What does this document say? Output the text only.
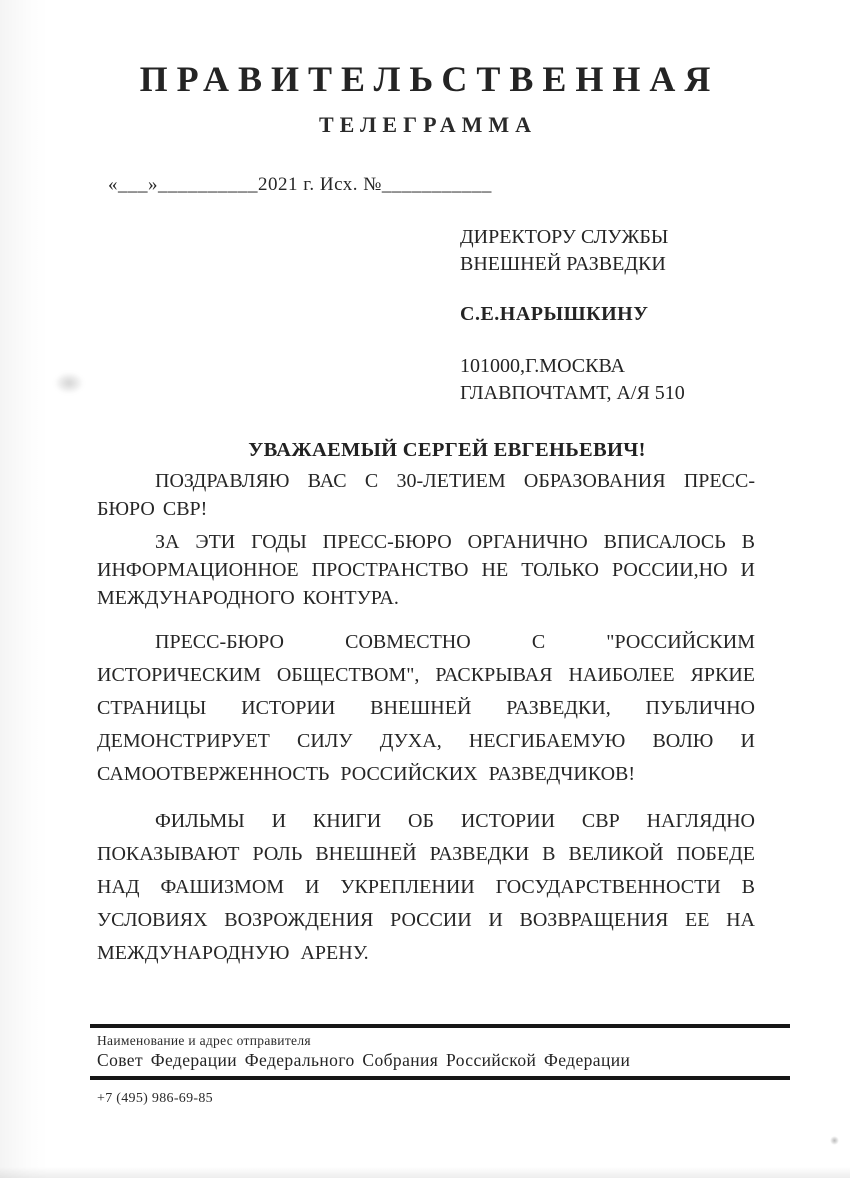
ПРАВИТЕЛЬСТВЕННАЯ
ТЕЛЕГРАММА
«___»__________2021 г. Исх. №___________
ДИРЕКТОРУ СЛУЖБЫ
ВНЕШНЕЙ РАЗВЕДКИ
С.Е.НАРЫШКИНУ
101000,Г.МОСКВА
ГЛАВПОЧТАМТ, А/Я 510
УВАЖАЕМЫЙ СЕРГЕЙ ЕВГЕНЬЕВИЧ!

ПОЗДРАВЛЯЮ ВАС С 30-ЛЕТИЕМ ОБРАЗОВАНИЯ ПРЕСС-БЮРО СВР!

ЗА ЭТИ ГОДЫ ПРЕСС-БЮРО ОРГАНИЧНО ВПИСАЛОСЬ В ИНФОРМАЦИОННОЕ ПРОСТРАНСТВО НЕ ТОЛЬКО РОССИИ,НО И МЕЖДУНАРОДНОГО КОНТУРА.

ПРЕСС-БЮРО СОВМЕСТНО С "РОССИЙСКИМ ИСТОРИЧЕСКИМ ОБЩЕСТВОМ", РАСКРЫВАЯ НАИБОЛЕЕ ЯРКИЕ СТРАНИЦЫ ИСТОРИИ ВНЕШНЕЙ РАЗВЕДКИ, ПУБЛИЧНО ДЕМОНСТРИРУЕТ СИЛУ ДУХА, НЕСГИБАЕМУЮ ВОЛЮ И САМООТВЕРЖЕННОСТЬ РОССИЙСКИХ РАЗВЕДЧИКОВ!

ФИЛЬМЫ И КНИГИ ОБ ИСТОРИИ СВР НАГЛЯДНО ПОКАЗЫВАЮТ РОЛЬ ВНЕШНЕЙ РАЗВЕДКИ В ВЕЛИКОЙ ПОБЕДЕ НАД ФАШИЗМОМ И УКРЕПЛЕНИИ ГОСУДАРСТВЕННОСТИ В УСЛОВИЯХ ВОЗРОЖДЕНИЯ РОССИИ И ВОЗВРАЩЕНИЯ ЕЕ НА МЕЖДУНАРОДНУЮ АРЕНУ.

Наименование и адрес отправителя
Совет Федерации Федерального Собрания Российской Федерации
+7 (495) 986-69-85
